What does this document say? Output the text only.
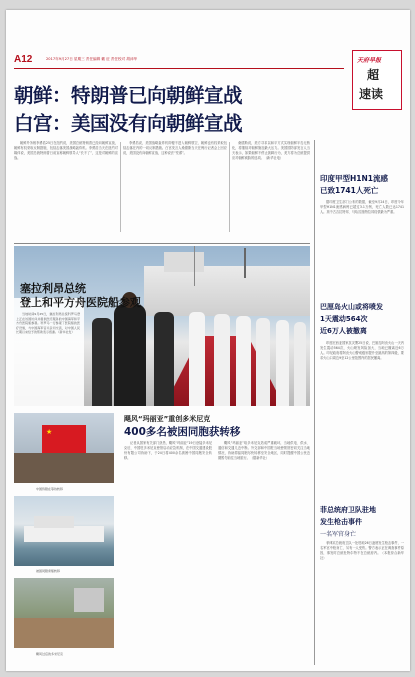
A12	2017年9月27日 星期三 责任编辑 戴 征 责任校对 胡沛华	天府早报
超
速读
朝鲜：特朗普已向朝鲜宣战
白宫：美国没有向朝鲜宣战

朝鲜外务相李勇浩25日在纽约说，美国总统特朗普已经向朝鲜宣战，朝鲜有权采取反制措施，包括击落美国战略轰炸机。李勇浩当天在纽约对媒体说，美国总统特朗普日前宣称朝鲜领导人“长不了”，这是对朝鲜的宣战。

李勇浩说，美国战略轰炸机即便不进入朝鲜领空，朝鲜也有权采取包括击落在内的一切反制措施。白宫发言人桑德斯当天在例行记者会上回应说，美国没有向朝鲜宣战，这种说法“荒谬”。

桑德斯说，美方寻求以和平方式实现朝鲜半岛无核化，将继续对朝鲜施加最大压力。美国国防部发言人当天表示，如果朝鲜不停止挑衅行为，美方将为总统提供应对朝鲜威胁的选项。（新华社电）

塞拉利昂总统
登上和平方舟医院船参观

当地时间9月25日，塞拉利昂总统科罗马登上正在该国访问并提供医疗服务的中国海军和平方舟医院船参观。科罗马一行参观了医院船的医疗设施，与中国海军官兵亲切交流，对中国人民长期以来给予的帮助表示感谢。（新华社发）

★
中国侨胞在等待转移
被困同胞乘船转移
飓风过后的多米尼克
飓风“玛丽亚”重创多米尼克
400多名被困同胞获转移

记者从国家有关部门获悉，飓风“玛丽亚”19日登陆多米尼克后，中国驻多米尼克使馆启动应急机制，在中国交通建设股份有限公司协助下，于24日将400余名被困中国同胞安全转移。

飓风“玛丽亚”给多米尼克造成严重破坏，当地供电、供水、通信和交通几近中断。外交部和中国驻当地使领馆密切关注当地情况，协助滞留同胞尽快转移至安全地区，同时提醒中国公民近期暂勿前往当地旅行。（据新华社）

印度甲型H1N1流感
已致1741人死亡

据印度卫生部门公布的数据，截至9月24日，印度今年甲型H1N1流感病例已超过3.1万例，死亡人数已达1741人。其中古吉拉特邦、马哈拉施特拉邦疫情最为严重。

巴厘岛火山或将喷发
1天震动564次
近6万人被撤离

印度尼西亚国家抗灾署25日说，巴厘岛阿贡火山一天内发生震动564次，火山喷发风险加大，当地已撤离近6万人。印尼政府将阿贡火山警戒级别提升至最高的第四级，要求火山口周边9至12公里范围内的居民撤离。

菲总统府卫队驻地
发生枪击事件
一名军官身亡

菲律宾总统府卫队一处驻地26日凌晨发生枪击事件，一名军官中枪身亡，另有一人受伤。警方表示正在调查事件原因，事发时总统杜特尔特不在总统府内。（本报综合新华社）
